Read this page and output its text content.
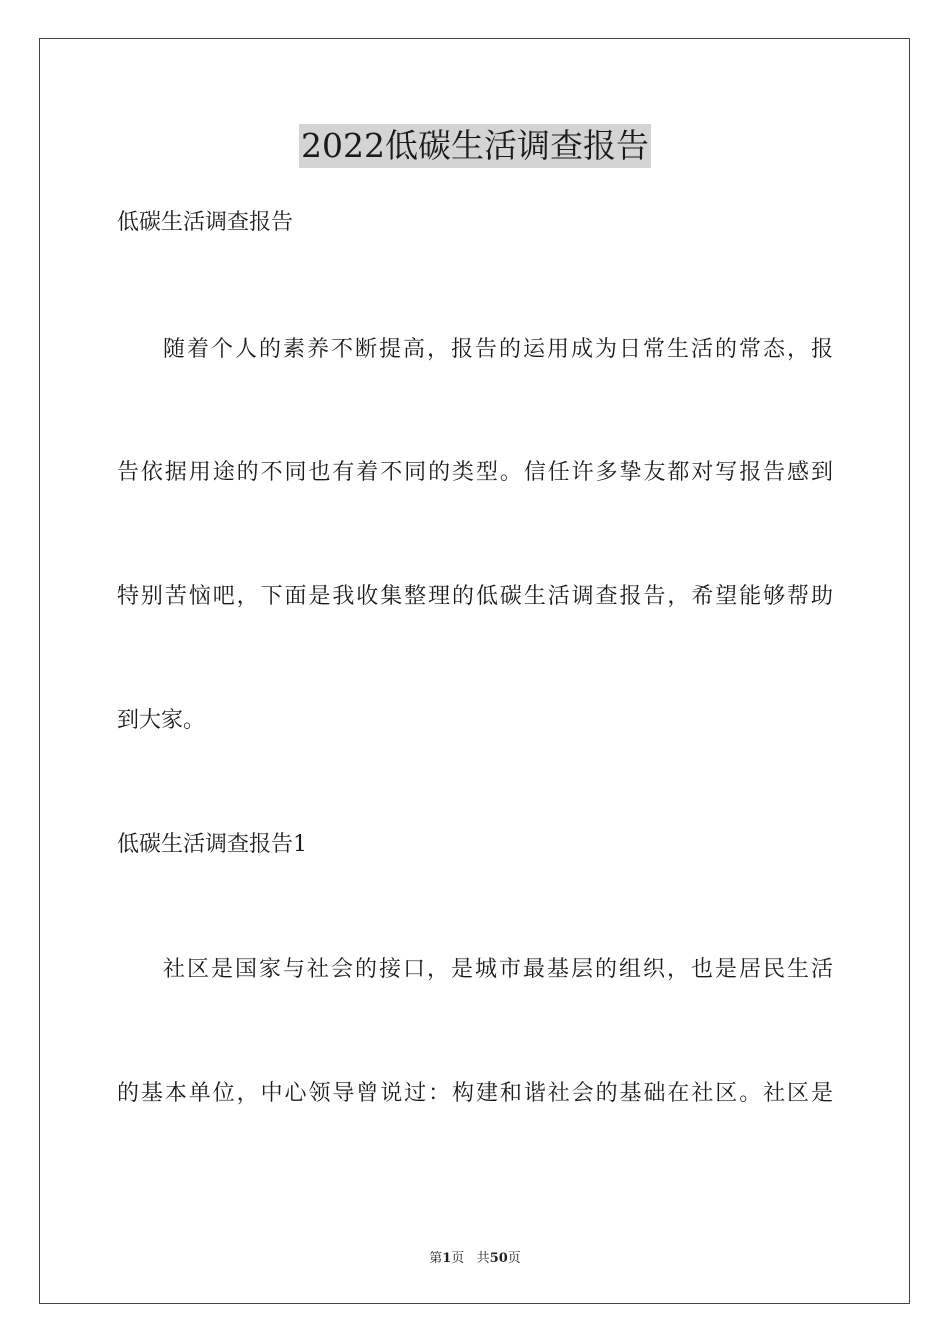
2022低碳生活调查报告
低碳生活调查报告
随着个人的素养不断提高，报告的运用成为日常生活的常态，报
告依据用途的不同也有着不同的类型。信任许多挚友都对写报告感到
特别苦恼吧，下面是我收集整理的低碳生活调查报告，希望能够帮助
到大家。
低碳生活调查报告1
社区是国家与社会的接口，是城市最基层的组织，也是居民生活
的基本单位，中心领导曾说过：构建和谐社会的基础在社区。社区是
第1页 共50页
